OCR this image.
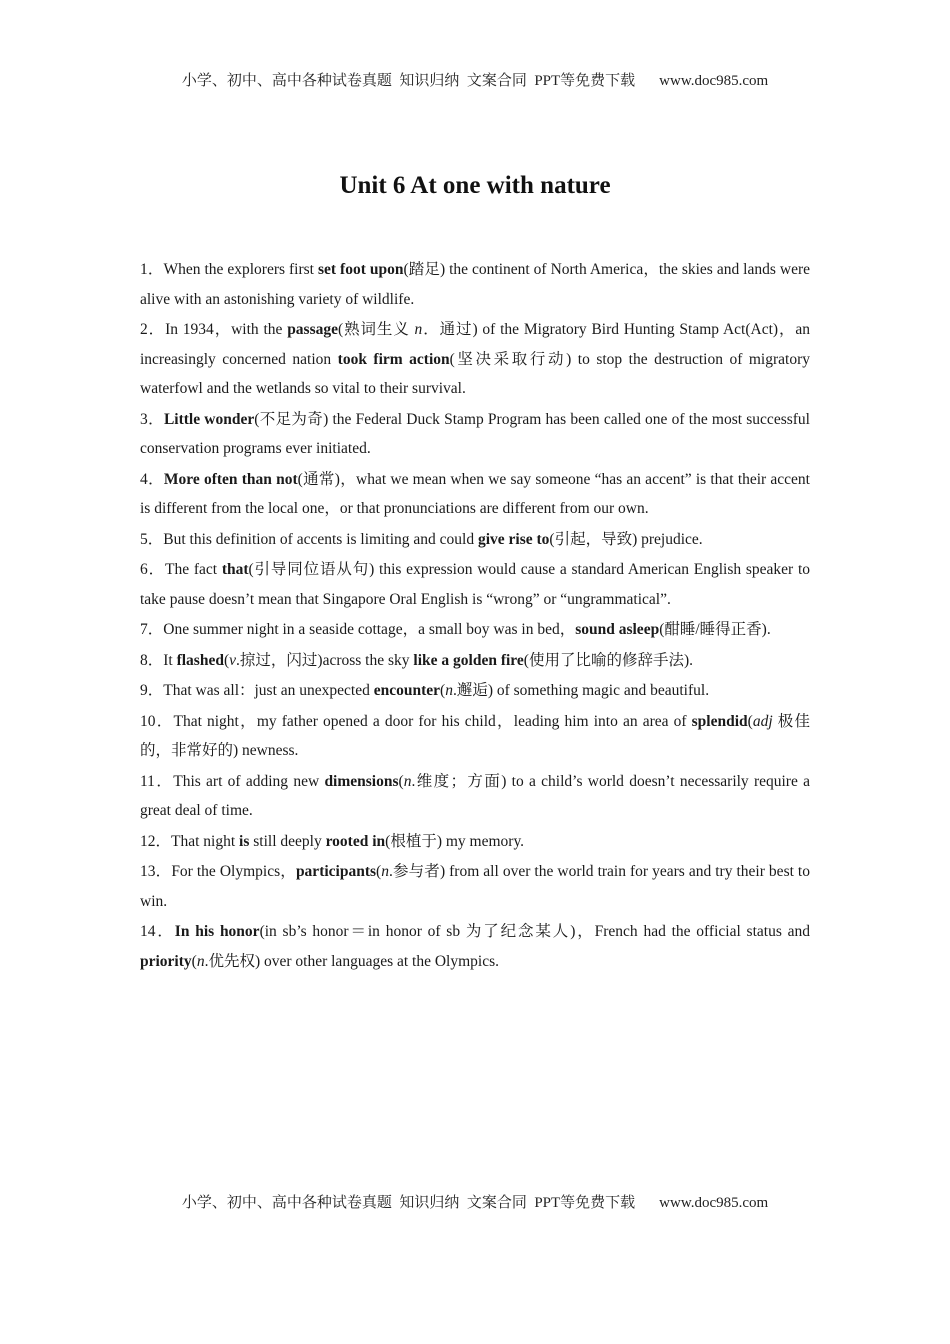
小学、初中、高中各种试卷真题  知识归纳  文案合同  PPT等免费下载 www.doc985.com
Unit 6 At one with nature
1．When the explorers first set foot upon(踏足) the continent of North America，the skies and lands were alive with an astonishing variety of wildlife.
2．In 1934，with the passage(熟词生义 n．通过) of the Migratory Bird Hunting Stamp Act(Act)，an increasingly concerned nation took firm action(坚决采取行动) to stop the destruction of migratory waterfowl and the wetlands so vital to their survival.
3．Little wonder(不足为奇) the Federal Duck Stamp Program has been called one of the most successful conservation programs ever initiated.
4．More often than not(通常)，what we mean when we say someone “has an accent” is that their accent is different from the local one，or that pronunciations are different from our own.
5．But this definition of accents is limiting and could give rise to(引起，导致) prejudice.
6．The fact that(引导同位语从句) this expression would cause a standard American English speaker to take pause doesn’t mean that Singapore Oral English is “wrong” or “ungrammatical”.
7．One summer night in a seaside cottage，a small boy was in bed，sound asleep(酣睡/睡得正香).
8．It flashed(v.掠过，闪过)across the sky like a golden fire(使用了比喻的修辞手法).
9．That was all：just an unexpected encounter(n.邂逅) of something magic and beautiful.
10．That night，my father opened a door for his child，leading him into an area of splendid(adj 极佳的，非常好的) newness.
11．This art of adding new dimensions(n.维度；方面) to a child’s world doesn’t necessarily require a great deal of time.
12．That night is still deeply rooted in(根植于) my memory.
13．For the Olympics，participants(n.参与者) from all over the world train for years and try their best to win.
14．In his honor(in sb’s honor＝in honor of sb 为了纪念某人)，French had the official status and priority(n.优先权) over other languages at the Olympics.
小学、初中、高中各种试卷真题  知识归纳  文案合同  PPT等免费下载 www.doc985.com
